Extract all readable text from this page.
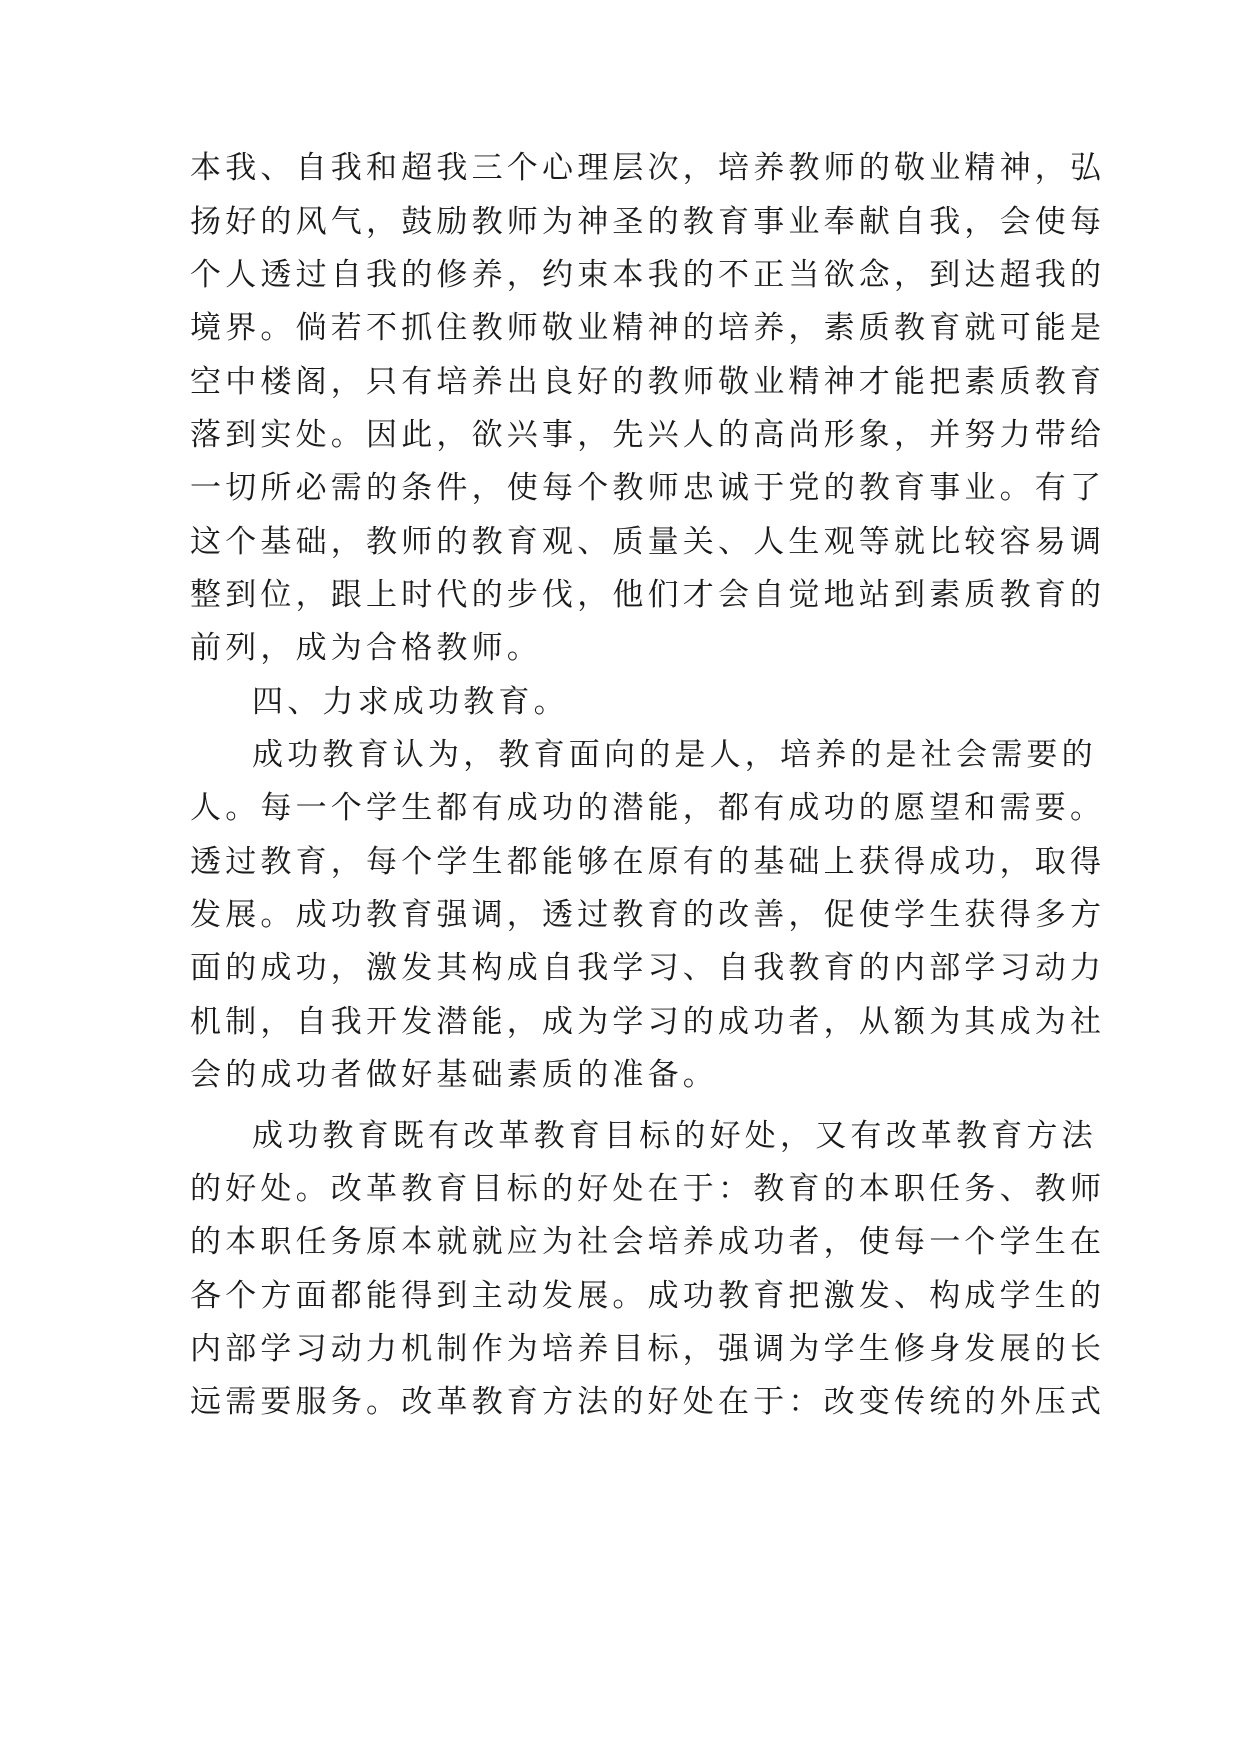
本我、自我和超我三个心理层次，培养教师的敬业精神，弘
扬好的风气，鼓励教师为神圣的教育事业奉献自我，会使每
个人透过自我的修养，约束本我的不正当欲念，到达超我的
境界。倘若不抓住教师敬业精神的培养，素质教育就可能是
空中楼阁，只有培养出良好的教师敬业精神才能把素质教育
落到实处。因此，欲兴事，先兴人的高尚形象，并努力带给
一切所必需的条件，使每个教师忠诚于党的教育事业。有了
这个基础，教师的教育观、质量关、人生观等就比较容易调
整到位，跟上时代的步伐，他们才会自觉地站到素质教育的
前列，成为合格教师。
四、力求成功教育。
成功教育认为，教育面向的是人，培养的是社会需要的
人。每一个学生都有成功的潜能，都有成功的愿望和需要。
透过教育，每个学生都能够在原有的基础上获得成功，取得
发展。成功教育强调，透过教育的改善，促使学生获得多方
面的成功，激发其构成自我学习、自我教育的内部学习动力
机制，自我开发潜能，成为学习的成功者，从额为其成为社
会的成功者做好基础素质的准备。
成功教育既有改革教育目标的好处，又有改革教育方法
的好处。改革教育目标的好处在于：教育的本职任务、教师
的本职任务原本就就应为社会培养成功者，使每一个学生在
各个方面都能得到主动发展。成功教育把激发、构成学生的
内部学习动力机制作为培养目标，强调为学生修身发展的长
远需要服务。改革教育方法的好处在于：改变传统的外压式
